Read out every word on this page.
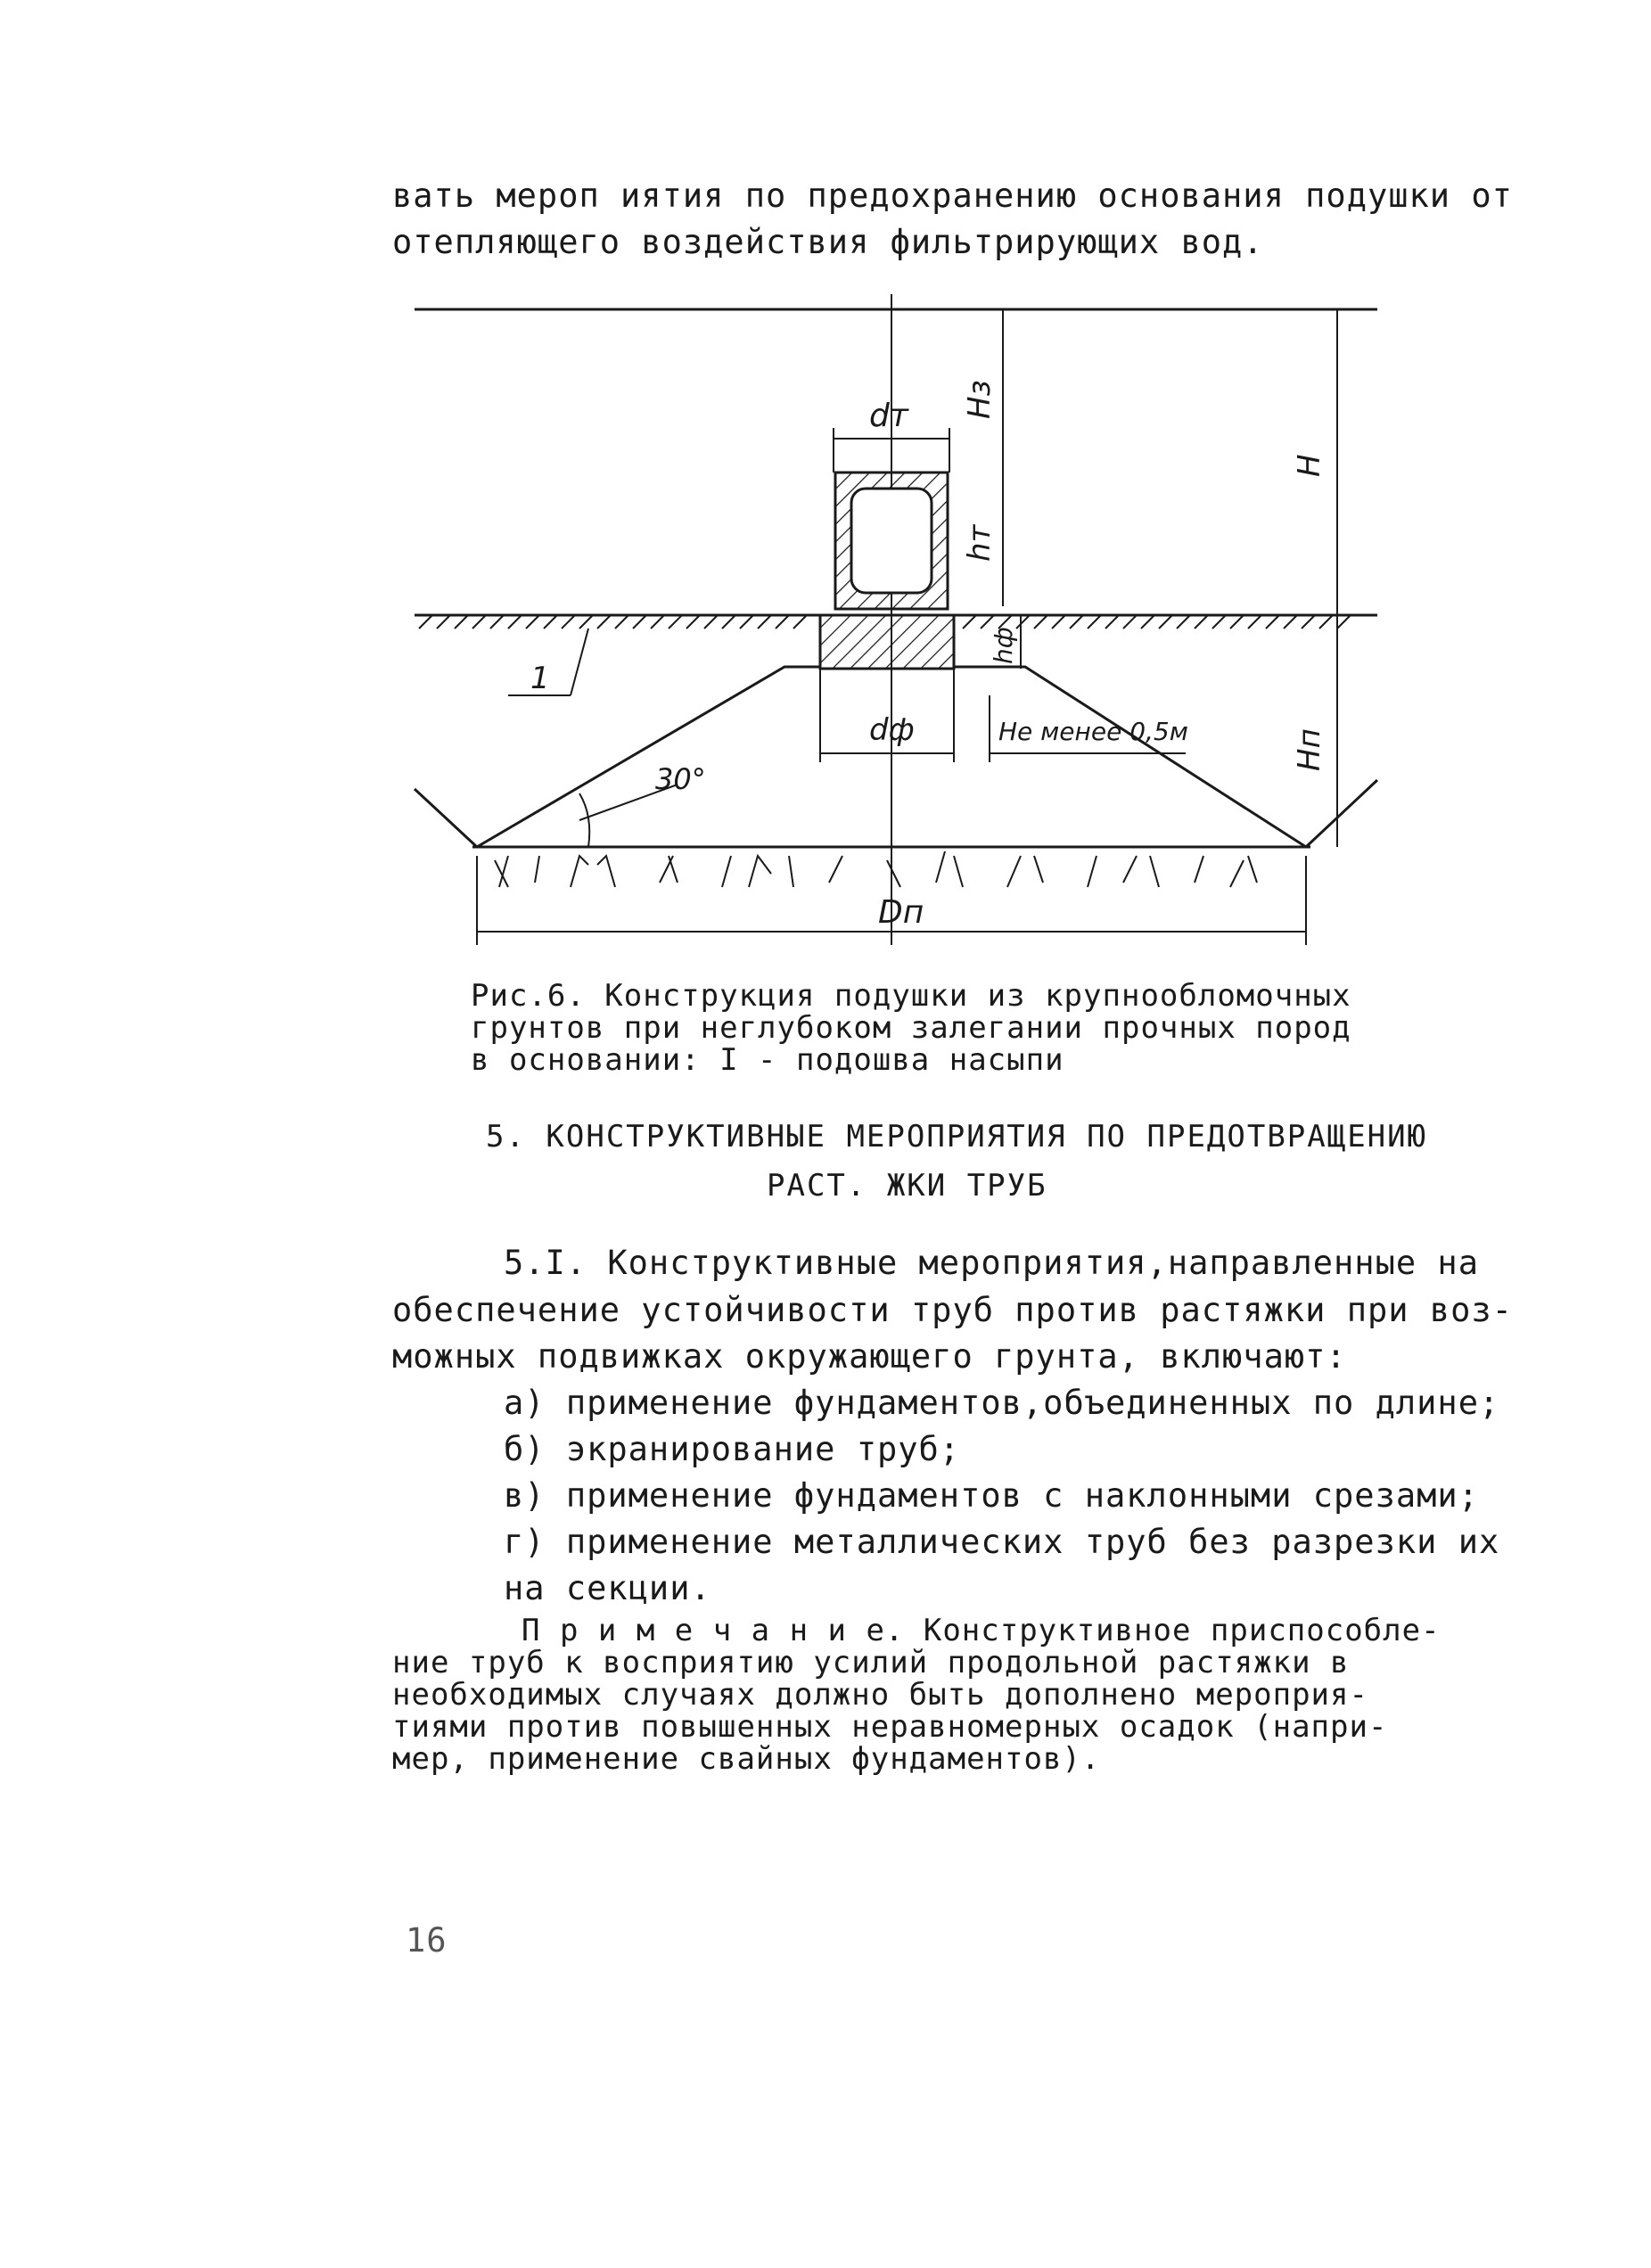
вать мероп иятия по предохранению основания подушки от
отепляющего воздействия фильтрирующих вод.
dт Hз
H
hт
hф
1
dф	Не менее 0,5м	Hп
30°
Dп
Рис.6. Конструкция подушки из крупнообломочных
грунтов при неглубоком залегании прочных пород
в основании: I - подошва насыпи
5. КОНСТРУКТИВНЫЕ МЕРОПРИЯТИЯ ПО ПРЕДОТВРАЩЕНИЮ
РАСТ. ЖКИ ТРУБ
5.I. Конструктивные мероприятия,направленные на
обеспечение устойчивости труб против растяжки при воз-
можных подвижках окружающего грунта, включают:
а) применение фундаментов,объединенных по длине;
б) экранирование труб;
в) применение фундаментов с наклонными срезами;
г) применение металлических труб без разрезки их
на секции.
П р и м е ч а н и е. Конструктивное приспособле-
ние труб к восприятию усилий продольной растяжки в
необходимых случаях должно быть дополнено мероприя-
тиями против повышенных неравномерных осадок (напри-
мер, применение свайных фундаментов).
16
